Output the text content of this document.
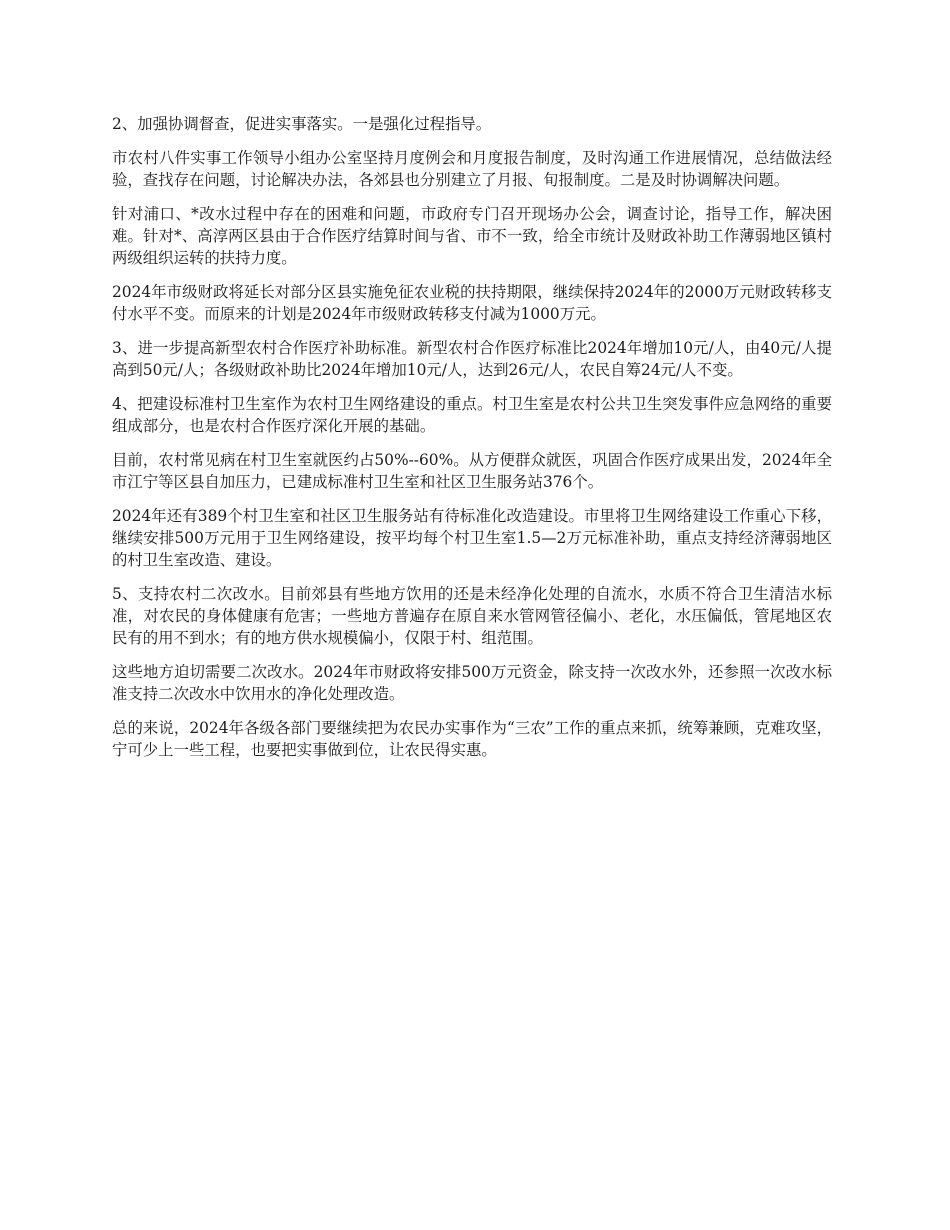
2、加强协调督查，促进实事落实。一是强化过程指导。

市农村八件实事工作领导小组办公室坚持月度例会和月度报告制度，及时沟通工作进展情况，总结做法经验，查找存在问题，讨论解决办法，各郊县也分别建立了月报、旬报制度。二是及时协调解决问题。

针对浦口、*改水过程中存在的困难和问题，市政府专门召开现场办公会，调查讨论，指导工作，解决困难。针对*、高淳两区县由于合作医疗结算时间与省、市不一致，给全市统计及财政补助工作薄弱地区镇村两级组织运转的扶持力度。

2024年市级财政将延长对部分区县实施免征农业税的扶持期限，继续保持2024年的2000万元财政转移支付水平不变。而原来的计划是2024年市级财政转移支付减为1000万元。

3、进一步提高新型农村合作医疗补助标准。新型农村合作医疗标准比2024年增加10元/人，由40元/人提高到50元/人；各级财政补助比2024年增加10元/人，达到26元/人，农民自筹24元/人不变。

4、把建设标准村卫生室作为农村卫生网络建设的重点。村卫生室是农村公共卫生突发事件应急网络的重要组成部分，也是农村合作医疗深化开展的基础。

目前，农村常见病在村卫生室就医约占50%--60%。从方便群众就医，巩固合作医疗成果出发，2024年全市江宁等区县自加压力，已建成标准村卫生室和社区卫生服务站376个。

2024年还有389个村卫生室和社区卫生服务站有待标准化改造建设。市里将卫生网络建设工作重心下移，继续安排500万元用于卫生网络建设，按平均每个村卫生室1.5—2万元标准补助，重点支持经济薄弱地区的村卫生室改造、建设。

5、支持农村二次改水。目前郊县有些地方饮用的还是未经净化处理的自流水，水质不符合卫生清洁水标准，对农民的身体健康有危害；一些地方普遍存在原自来水管网管径偏小、老化，水压偏低，管尾地区农民有的用不到水；有的地方供水规模偏小，仅限于村、组范围。

这些地方迫切需要二次改水。2024年市财政将安排500万元资金，除支持一次改水外，还参照一次改水标准支持二次改水中饮用水的净化处理改造。

总的来说，2024年各级各部门要继续把为农民办实事作为“三农”工作的重点来抓，统筹兼顾，克难攻坚，宁可少上一些工程，也要把实事做到位，让农民得实惠。
